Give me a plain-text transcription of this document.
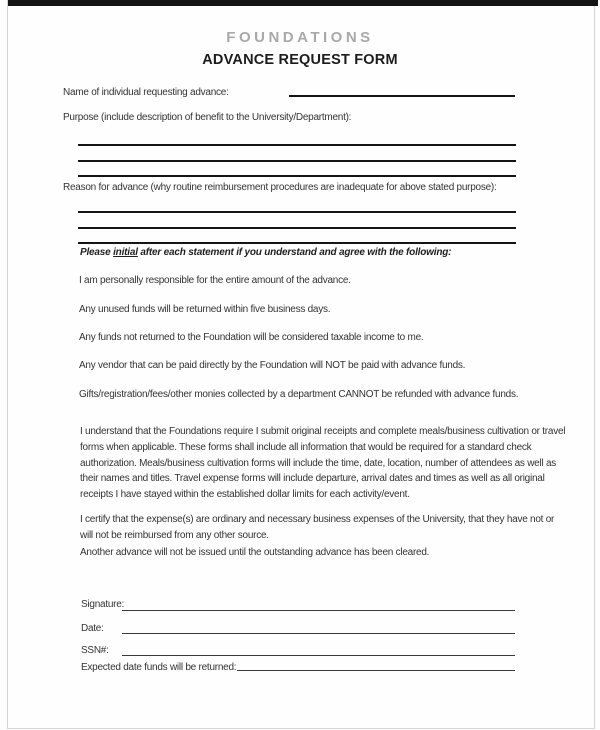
FOUNDATIONS
ADVANCE REQUEST FORM
Name of individual requesting advance:
Purpose (include description of benefit to the University/Department):
Reason for advance (why routine reimbursement procedures are inadequate for above stated purpose):
Please initial after each statement if you understand and agree with the following:
I am personally responsible for the entire amount of the advance.
Any unused funds will be returned within five business days.
Any funds not returned to the Foundation will be considered taxable income to me.
Any vendor that can be paid directly by the Foundation will NOT be paid with advance funds.
Gifts/registration/fees/other monies collected by a department CANNOT be refunded with advance funds.
I understand that the Foundations require I submit original receipts and complete meals/business cultivation or travel forms when applicable. These forms shall include all information that would be required for a standard check authorization. Meals/business cultivation forms will include the time, date, location, number of attendees as well as their names and titles. Travel expense forms will include departure, arrival dates and times as well as all original receipts I have stayed within the established dollar limits for each activity/event.
I certify that the expense(s) are ordinary and necessary business expenses of the University, that they have not or will not be reimbursed from any other source.
Another advance will not be issued until the outstanding advance has been cleared.
Signature:
Date:
SSN#:
Expected date funds will be returned:
